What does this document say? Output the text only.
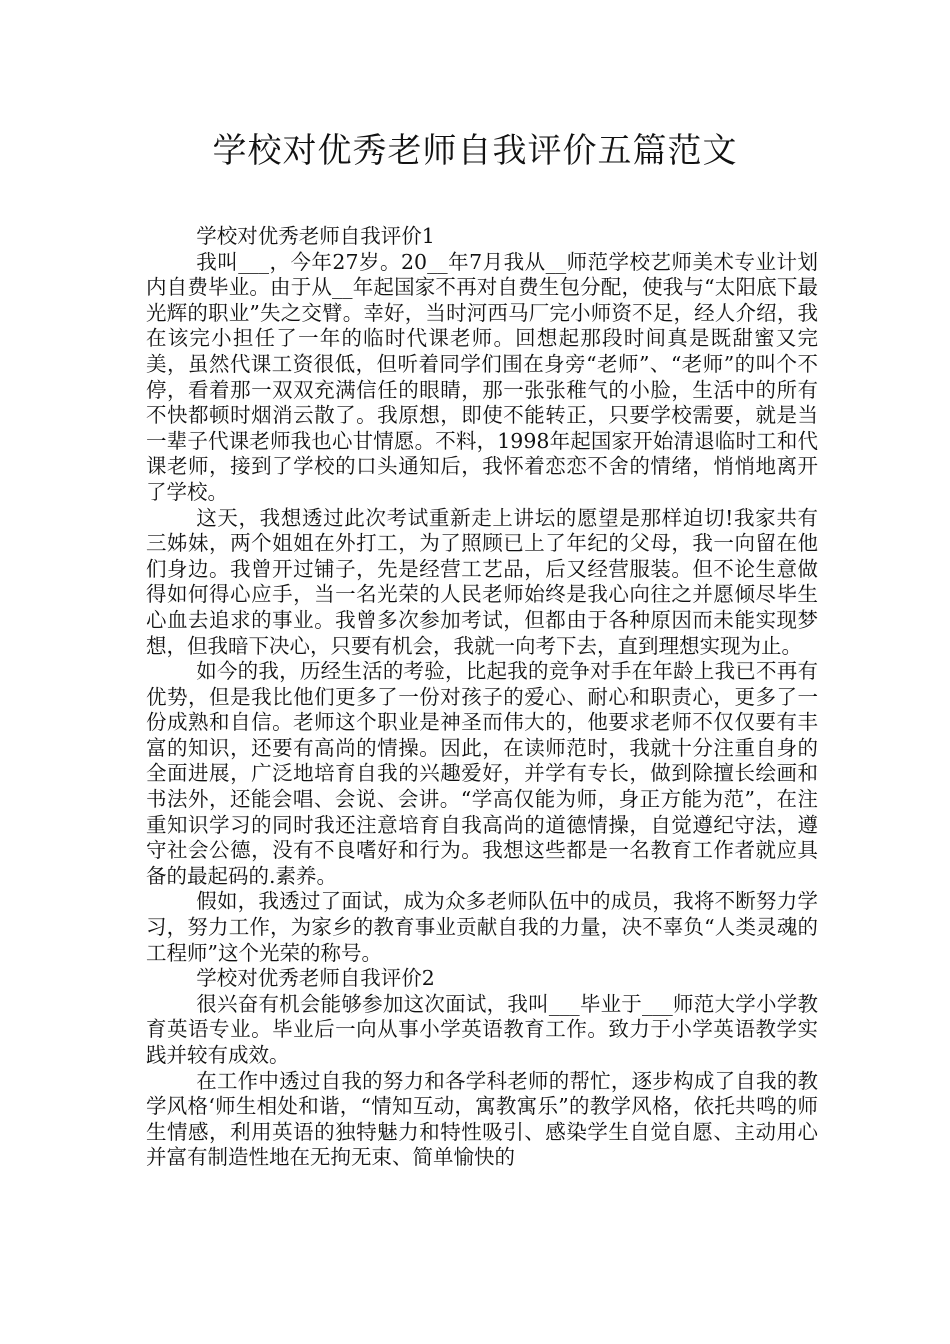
学校对优秀老师自我评价五篇范文

学校对优秀老师自我评价1

我叫___，今年27岁。20__年7月我从__师范学校艺师美术专业计划内自费毕业。由于从__年起国家不再对自费生包分配，使我与“太阳底下最光辉的职业”失之交臂。幸好，当时河西马厂完小师资不足，经人介绍，我在该完小担任了一年的临时代课老师。回想起那段时间真是既甜蜜又完美，虽然代课工资很低，但听着同学们围在身旁“老师”、“老师”的叫个不停，看着那一双双充满信任的眼睛，那一张张稚气的小脸，生活中的所有不快都顿时烟消云散了。我原想，即使不能转正，只要学校需要，就是当一辈子代课老师我也心甘情愿。不料，1998年起国家开始清退临时工和代课老师，接到了学校的口头通知后，我怀着恋恋不舍的情绪，悄悄地离开了学校。

这天，我想透过此次考试重新走上讲坛的愿望是那样迫切!我家共有三姊妹，两个姐姐在外打工，为了照顾已上了年纪的父母，我一向留在他们身边。我曾开过铺子，先是经营工艺品，后又经营服装。但不论生意做得如何得心应手，当一名光荣的人民老师始终是我心向往之并愿倾尽毕生心血去追求的事业。我曾多次参加考试，但都由于各种原因而未能实现梦想，但我暗下决心，只要有机会，我就一向考下去，直到理想实现为止。

如今的我，历经生活的考验，比起我的竞争对手在年龄上我已不再有优势，但是我比他们更多了一份对孩子的爱心、耐心和职责心，更多了一份成熟和自信。老师这个职业是神圣而伟大的，他要求老师不仅仅要有丰富的知识，还要有高尚的情操。因此，在读师范时，我就十分注重自身的全面进展，广泛地培育自我的兴趣爱好，并学有专长，做到除擅长绘画和书法外，还能会唱、会说、会讲。“学高仅能为师，身正方能为范”，在注重知识学习的同时我还注意培育自我高尚的道德情操，自觉遵纪守法，遵守社会公德，没有不良嗜好和行为。我想这些都是一名教育工作者就应具备的最起码的.素养。

假如，我透过了面试，成为众多老师队伍中的成员，我将不断努力学习，努力工作，为家乡的教育事业贡献自我的力量，决不辜负“人类灵魂的工程师”这个光荣的称号。

学校对优秀老师自我评价2

很兴奋有机会能够参加这次面试，我叫___毕业于___师范大学小学教育英语专业。毕业后一向从事小学英语教育工作。致力于小学英语教学实践并较有成效。

在工作中透过自我的努力和各学科老师的帮忙，逐步构成了自我的教学风格‘师生相处和谐，“情知互动，寓教寓乐”的教学风格，依托共鸣的师生情感，利用英语的独特魅力和特性吸引、感染学生自觉自愿、主动用心并富有制造性地在无拘无束、简单愉快的
